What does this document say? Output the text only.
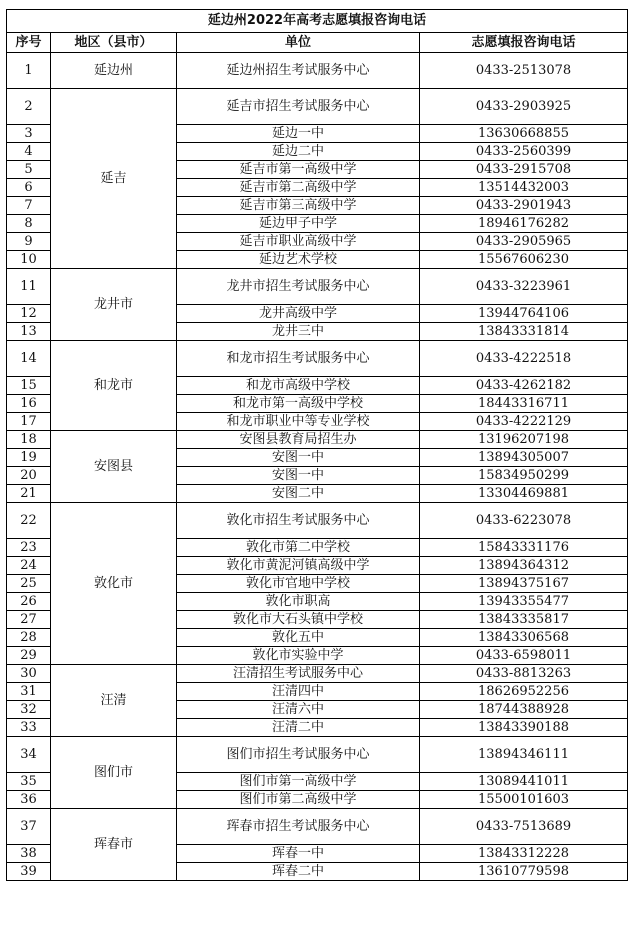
延边州2022年高考志愿填报咨询电话
序号	地区（县市）	单位	志愿填报咨询电话
1	延边州	延边州招生考试服务中心	0433-2513078
2	延吉	延吉市招生考试服务中心	0433-2903925
3		延边一中	13630668855
4		延边二中	0433-2560399
5		延吉市第一高级中学	0433-2915708
6		延吉市第二高级中学	13514432003
7		延吉市第三高级中学	0433-2901943
8		延边甲子中学	18946176282
9		延吉市职业高级中学	0433-2905965
10		延边艺术学校	15567606230
11	龙井市	龙井市招生考试服务中心	0433-3223961
12		龙井高级中学	13944764106
13		龙井三中	13843331814
14	和龙市	和龙市招生考试服务中心	0433-4222518
15		和龙市高级中学校	0433-4262182
16		和龙市第一高级中学校	18443316711
17		和龙市职业中等专业学校	0433-4222129
18	安图县	安图县教育局招生办	13196207198
19		安图一中	13894305007
20		安图一中	15834950299
21		安图二中	13304469881
22	敦化市	敦化市招生考试服务中心	0433-6223078
23		敦化市第二中学校	15843331176
24		敦化市黄泥河镇高级中学	13894364312
25		敦化市官地中学校	13894375167
26		敦化市职高	13943355477
27		敦化市大石头镇中学校	13843335817
28		敦化五中	13843306568
29		敦化市实验中学	0433-6598011
30	汪清	汪清招生考试服务中心	0433-8813263
31		汪清四中	18626952256
32		汪清六中	18744388928
33		汪清二中	13843390188
34	图们市	图们市招生考试服务中心	13894346111
35		图们市第一高级中学	13089441011
36		图们市第二高级中学	15500101603
37	珲春市	珲春市招生考试服务中心	0433-7513689
38		珲春一中	13843312228
39		珲春二中	13610779598
